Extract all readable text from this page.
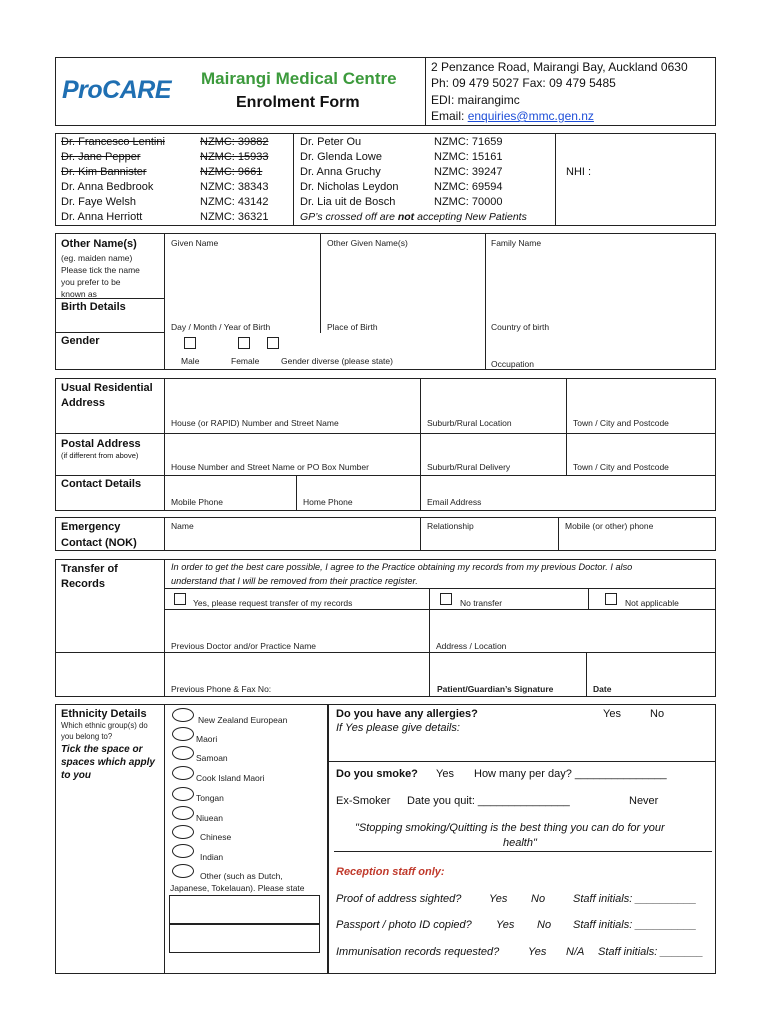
ProCARE Mairangi Medical Centre
Enrolment Form
2 Penzance Road, Mairangi Bay, Auckland 0630
Ph: 09 479 5027 Fax: 09 479 5485
EDI: mairangimc
Email: enquiries@mmc.gen.nz
Dr. Francesco Lentini	NZMC: 39882
Dr. Jane Pepper	NZMC: 15933
Dr. Kim Bannister	NZMC: 9661
Dr. Anna Bedbrook	NZMC: 38343
Dr. Faye Welsh	NZMC: 43142
Dr. Anna Herriott	NZMC: 36321
Dr. Peter Ou	NZMC: 71659
Dr. Glenda Lowe	NZMC: 15161
Dr. Anna Gruchy	NZMC: 39247
Dr. Nicholas Leydon	NZMC: 69594
Dr. Lia uit de Bosch	NZMC: 70000
GP’s crossed off are not accepting New Patients
NHI :
Other Name(s)
(eg. maiden name)
Please tick the name
you prefer to be
known as
Given Name	Other Given Name(s)	Family Name
Birth Details
Day / Month / Year of Birth	Place of Birth	Country of birth
Gender
Male	Female	Gender diverse (please state)	Occupation
Usual Residential
Address
House (or RAPID) Number and Street Name	Suburb/Rural Location	Town / City and Postcode
Postal Address
(if different from above)
House Number and Street Name or PO Box Number	Suburb/Rural Delivery	Town / City and Postcode
Contact Details
Mobile Phone	Home Phone	Email Address
Emergency
Contact (NOK)
Name	Relationship	Mobile (or other) phone
Transfer of
Records
In order to get the best care possible, I agree to the Practice obtaining my records from my previous Doctor. I also
understand that I will be removed from their practice register.
Yes, please request transfer of my records	No transfer	Not applicable
Previous Doctor and/or Practice Name	Address / Location
Previous Phone & Fax No:	Patient/Guardian’s Signature	Date
Ethnicity Details
Which ethnic group(s) do
you belong to?
Tick the space or
spaces which apply
to you
New Zealand European
Maori
Samoan
Cook Island Maori
Tongan
Niuean
Chinese
Indian
Other (such as Dutch,
Japanese, Tokelauan). Please state
Do you have any allergies?	Yes	No
If Yes please give details:
Do you smoke? Yes How many per day? _______________
Ex-Smoker Date you quit: _______________	Never
"Stopping smoking/Quitting is the best thing you can do for your
health"
Reception staff only:
Proof of address sighted?	Yes No	Staff initials: __________
Passport / photo ID copied? Yes No Staff initials: __________
Immunisation records requested?	Yes N/A Staff initials: _______
